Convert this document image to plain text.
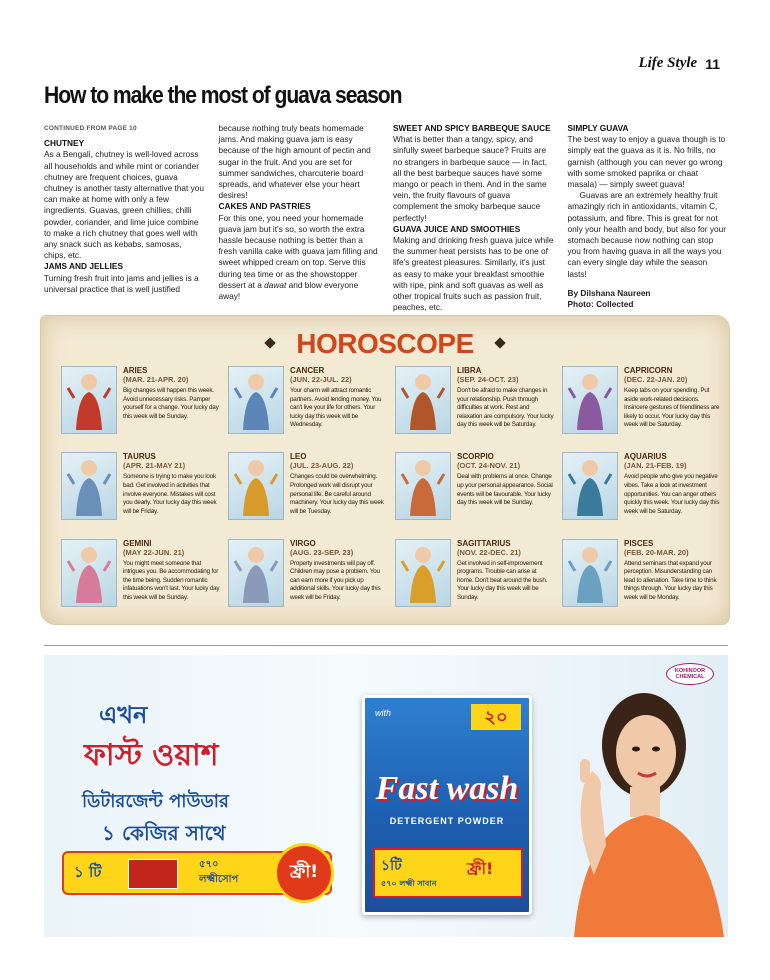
Life Style 11
How to make the most of guava season

CONTINUED FROM PAGE 10

CHUTNEY

As a Bengali, chutney is well-loved across all households and while mint or coriander chutney are frequent choices, guava chutney is another tasty alternative that you can make at home with only a few ingredients. Guavas, green chillies, chilli powder, coriander, and lime juice combine to make a rich chutney that goes well with any snack such as kebabs, samosas, chips, etc.

JAMS AND JELLIES

Turning fresh fruit into jams and jellies is a universal practice that is well justified

because nothing truly beats homemade jams. And making guava jam is easy because of the high amount of pectin and sugar in the fruit. And you are set for summer sandwiches, charcuterie board spreads, and whatever else your heart desires!

CAKES AND PASTRIES

For this one, you need your homemade guava jam but it's so, so worth the extra hassle because nothing is better than a fresh vanilla cake with guava jam filling and sweet whipped cream on top. Serve this during tea time or as the showstopper dessert at a dawat and blow everyone away!

SWEET AND SPICY BARBEQUE SAUCE

What is better than a tangy, spicy, and sinfully sweet barbeque sauce? Fruits are no strangers in barbeque sauce — in fact, all the best barbeque sauces have some mango or peach in them. And in the same vein, the fruity flavours of guava complement the smoky barbeque sauce perfectly!

GUAVA JUICE AND SMOOTHIES

Making and drinking fresh guava juice while the summer heat persists has to be one of life's greatest pleasures. Similarly, it's just as easy to make your breakfast smoothie with ripe, pink and soft guavas as well as other tropical fruits such as passion fruit, peaches, etc.

SIMPLY GUAVA

The best way to enjoy a guava though is to simply eat the guava as it is. No frills, no garnish (although you can never go wrong with some smoked paprika or chaat masala) — simply sweet guava!

Guavas are an extremely healthy fruit amazingly rich in antioxidants, vitamin C, potassium, and fibre. This is great for not only your health and body, but also for your stomach because now nothing can stop you from having guava in all the ways you can every single day while the season lasts!

By Dilshana Naureen

Photo: Collected

HOROSCOPE
ARIES
(MAR. 21-APR. 20)
Big changes will happen this week. Avoid unnecessary risks. Pamper yourself for a change. Your lucky day this week will be Sunday.
CANCER
(JUN. 22-JUL. 22)
Your charm will attract romantic partners. Avoid lending money. You can't live your life for others. Your lucky day this week will be Wednesday.
LIBRA
(SEP. 24-OCT. 23)
Don't be afraid to make changes in your relationship. Push through difficulties at work. Rest and relaxation are compulsory. Your lucky day this week will be Saturday.
CAPRICORN
(DEC. 22-JAN. 20)
Keep tabs on your spending. Put aside work-related decisions. Insincere gestures of friendliness are likely to occur. Your lucky day this week will be Saturday.
TAURUS
(APR. 21-MAY 21)
Someone is trying to make you look bad. Get involved in activities that involve everyone. Mistakes will cost you dearly. Your lucky day this week will be Friday.
LEO
(JUL. 23-AUG. 22)
Changes could be overwhelming. Prolonged work will disrupt your personal life. Be careful around machinery. Your lucky day this week will be Tuesday.
SCORPIO
(OCT. 24-NOV. 21)
Deal with problems at once. Change up your personal appearance. Social events will be favourable. Your lucky day this week will be Sunday.
AQUARIUS
(JAN. 21-FEB. 19)
Avoid people who give you negative vibes. Take a look at investment opportunities. You can anger others quickly this week. Your lucky day this week will be Saturday.
GEMINI
(MAY 22-JUN. 21)
You might meet someone that intrigues you. Be accommodating for the time being. Sudden romantic infatuations won't last. Your lucky day this week will be Sunday.
VIRGO
(AUG. 23-SEP. 23)
Property investments will pay off. Children may pose a problem. You can earn more if you pick up additional skills. Your lucky day this week will be Friday.
SAGITTARIUS
(NOV. 22-DEC. 21)
Get involved in self-improvement programs. Trouble can arise at home. Don't beat around the bush. Your lucky day this week will be Sunday.
PISCES
(FEB. 20-MAR. 20)
Attend seminars that expand your perception. Misunderstanding can lead to alienation. Take time to think things through. Your lucky day this week will be Monday.
এখন
ফাস্ট ওয়াশ
ডিটারজেন্ট পাউডার
১ কেজির সাথে
১ টি	৫৭০
লক্ষ্মীসোপ	ফ্রী!
with	২০
Fast wash
DETERGENT POWDER
১টি
৫৭০ লক্ষ্মী সাবান
ফ্রী!
KOHINOOR CHEMICAL
